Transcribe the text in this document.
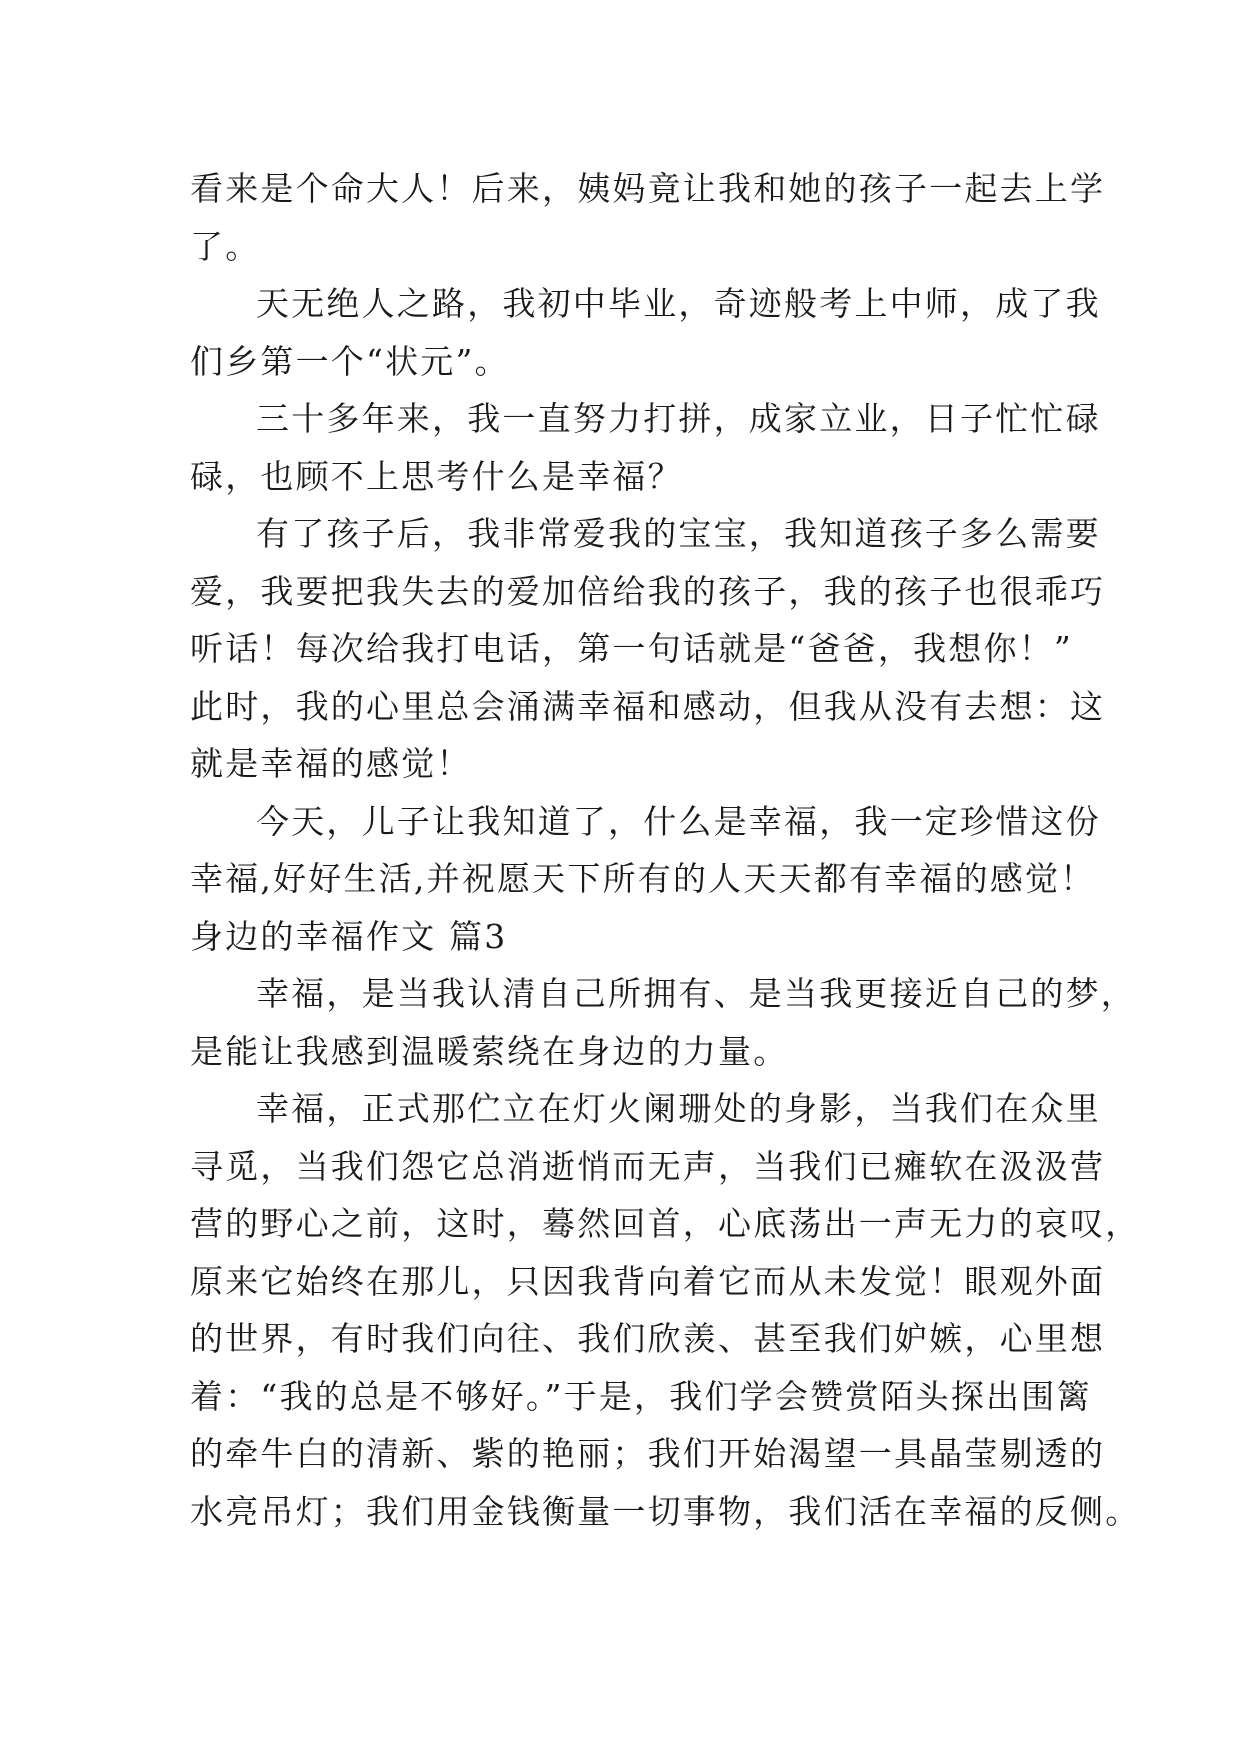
看来是个命大人！后来，姨妈竟让我和她的孩子一起去上学
了。
天无绝人之路，我初中毕业，奇迹般考上中师，成了我
们乡第一个“状元”。
三十多年来，我一直努力打拼，成家立业，日子忙忙碌
碌，也顾不上思考什么是幸福？
有了孩子后，我非常爱我的宝宝，我知道孩子多么需要
爱，我要把我失去的爱加倍给我的孩子，我的孩子也很乖巧
听话！每次给我打电话，第一句话就是“爸爸，我想你！”
此时，我的心里总会涌满幸福和感动，但我从没有去想：这
就是幸福的感觉！
今天，儿子让我知道了，什么是幸福，我一定珍惜这份
幸福,好好生活,并祝愿天下所有的人天天都有幸福的感觉！
身边的幸福作文 篇3
幸福，是当我认清自己所拥有、是当我更接近自己的梦，
是能让我感到温暖萦绕在身边的力量。
幸福，正式那伫立在灯火阑珊处的身影，当我们在众里
寻觅，当我们怨它总消逝悄而无声，当我们已瘫软在汲汲营
营的野心之前，这时，蓦然回首，心底荡出一声无力的哀叹，
原来它始终在那儿，只因我背向着它而从未发觉！眼观外面
的世界，有时我们向往、我们欣羡、甚至我们妒嫉，心里想
着：“我的总是不够好。”于是，我们学会赞赏陌头探出围篱
的牵牛白的清新、紫的艳丽；我们开始渴望一具晶莹剔透的
水亮吊灯；我们用金钱衡量一切事物，我们活在幸福的反侧。
